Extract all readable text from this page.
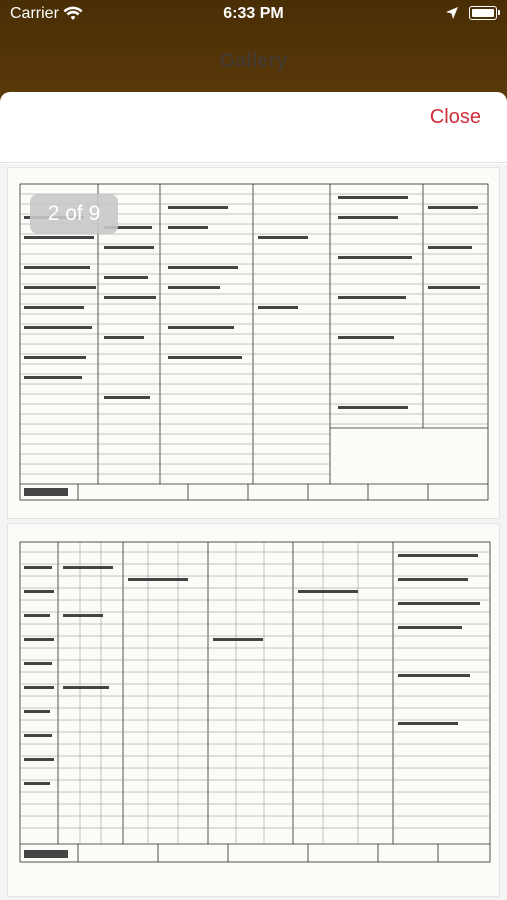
Gallery
Carrier	6:33 PM
Close
2 of 9
